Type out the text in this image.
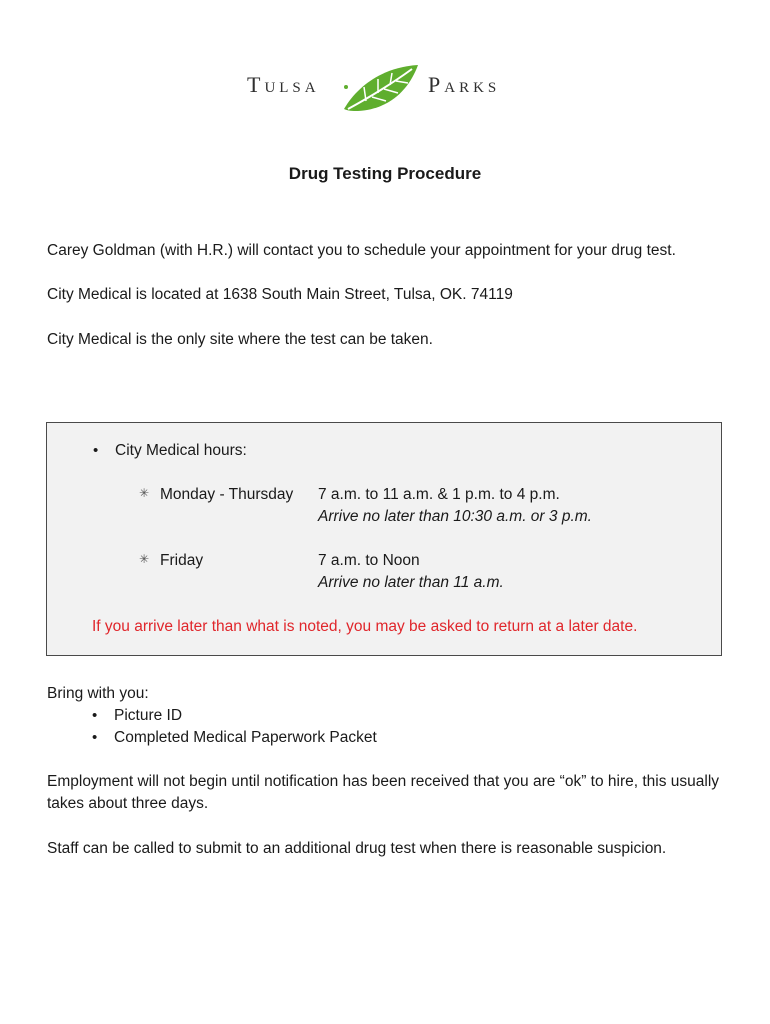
Tulsa	Parks
Drug Testing Procedure
Carey Goldman (with H.R.) will contact you to schedule your appointment for your drug test.
City Medical is located at 1638 South Main Street, Tulsa, OK. 74119
City Medical is the only site where the test can be taken.
• City Medical hours:
✳ Monday - Thursday 7 a.m. to 11 a.m. & 1 p.m. to 4 p.m.
Arrive no later than 10:30 a.m. or 3 p.m.
✳ Friday	7 a.m. to Noon
Arrive no later than 11 a.m.
If you arrive later than what is noted, you may be asked to return at a later date.
Bring with you:
• Picture ID
• Completed Medical Paperwork Packet
Employment will not begin until notification has been received that you are “ok” to hire, this usually takes about three days.
Staff can be called to submit to an additional drug test when there is reasonable suspicion.
